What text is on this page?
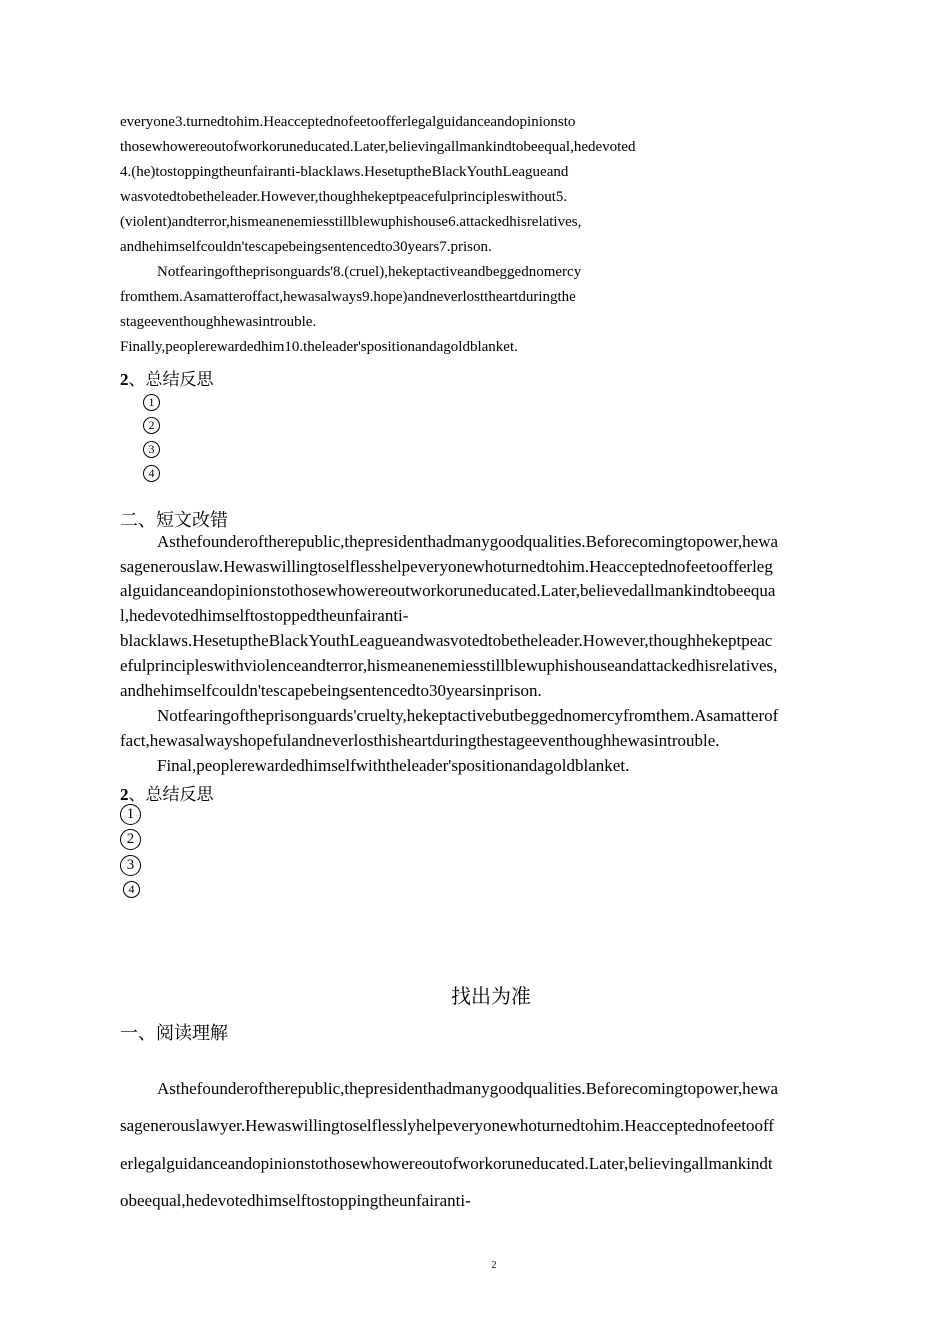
everyone3.turnedtohim.Heacceptednofeetoofferlegalguidanceandopinionsto
thosewhowereoutofworkoruneducated.Later,believingallmankindtobeequal,hedevoted
4.(he)tostoppingtheunfairanti-blacklaws.HesetuptheBlackYouthLeagueand
wasvotedtobetheleader.However,thoughhekeptpeacefulprincipleswithout5.
(violent)andterror,hismeanenemiesstillblewuphishouse6.attackedhisrelatives,
andhehimselfcouldn'tescapebeingsentencedto30years7.prison.
Notfearingoftheprisonguards'8.(cruel),hekeptactiveandbeggednomercy
fromthem.Asamatteroffact,hewasalways9.hope)andneverlosttheartduringthe
stageeventhoughhewasintrouble.
Finally,peoplerewardedhim10.theleader'spositionandagoldblanket.
2、总结反思
1
2
3
4
二、短文改错
Asthefounderoftherepublic,thepresidenthadmanygoodqualities.Beforecomingtopower,hewa
sagenerouslaw.Hewaswillingtoselflesshelpeveryonewhoturnedtohim.Heacceptednofeetoofferleg
alguidanceandopinionstothosewhowereoutworkoruneducated.Later,believedallmankindtobeequa
l,hedevotedhimselftostoppedtheunfairanti-
blacklaws.HesetuptheBlackYouthLeagueandwasvotedtobetheleader.However,thoughhekeptpeac
efulprincipleswithviolenceandterror,hismeanenemiesstillblewuphishouseandattackedhisrelatives,
andhehimselfcouldn'tescapebeingsentencedto30yearsinprison.
Notfearingoftheprisonguards'cruelty,hekeptactivebutbeggednomercyfromthem.Asamatterof
fact,hewasalwayshopefulandneverlosthisheartduringthestageeventhoughhewasintrouble.
Final,peoplerewardedhimselfwiththeleader'spositionandagoldblanket.
2、总结反思
1
2
3
4
找出为准
一、阅读理解
Asthefounderoftherepublic,thepresidenthadmanygoodqualities.Beforecomingtopower,hewa
sagenerouslawyer.Hewaswillingtoselflesslyhelpeveryonewhoturnedtohim.Heacceptednofeetooff
erlegalguidanceandopinionstothosewhowereoutofworkoruneducated.Later,believingallmankindt
obeequal,hedevotedhimselftostoppingtheunfairanti-
2
